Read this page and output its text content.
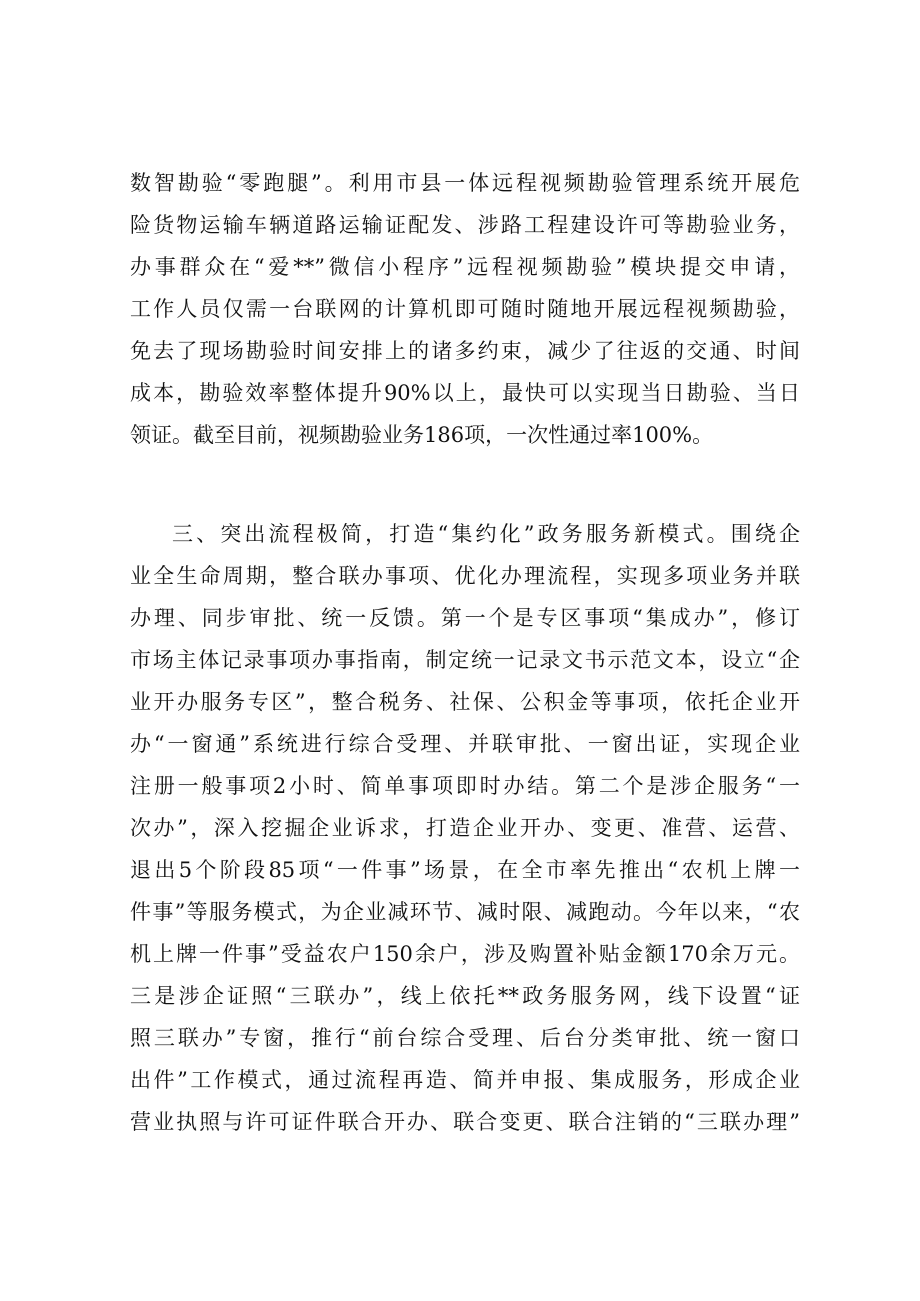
数智勘验“零跑腿”。利用市县一体远程视频勘验管理系统开展危
险货物运输车辆道路运输证配发、涉路工程建设许可等勘验业务，
办事群众在“爱**”微信小程序”远程视频勘验”模块提交申请，
工作人员仅需一台联网的计算机即可随时随地开展远程视频勘验，
免去了现场勘验时间安排上的诸多约束，减少了往返的交通、时间
成本，勘验效率整体提升90%以上，最快可以实现当日勘验、当日
领证。截至目前，视频勘验业务186项，一次性通过率100%。
三、突出流程极简，打造“集约化”政务服务新模式。围绕企
业全生命周期，整合联办事项、优化办理流程，实现多项业务并联
办理、同步审批、统一反馈。第一个是专区事项“集成办”，修订
市场主体记录事项办事指南，制定统一记录文书示范文本，设立“企
业开办服务专区”，整合税务、社保、公积金等事项，依托企业开
办“一窗通”系统进行综合受理、并联审批、一窗出证，实现企业
注册一般事项2小时、简单事项即时办结。第二个是涉企服务“一
次办”，深入挖掘企业诉求，打造企业开办、变更、准营、运营、
退出5个阶段85项“一件事”场景，在全市率先推出“农机上牌一
件事”等服务模式，为企业减环节、减时限、减跑动。今年以来，“农
机上牌一件事”受益农户150余户，涉及购置补贴金额170余万元。
三是涉企证照“三联办”，线上依托**政务服务网，线下设置“证
照三联办”专窗，推行“前台综合受理、后台分类审批、统一窗口
出件”工作模式，通过流程再造、简并申报、集成服务，形成企业
营业执照与许可证件联合开办、联合变更、联合注销的“三联办理”
